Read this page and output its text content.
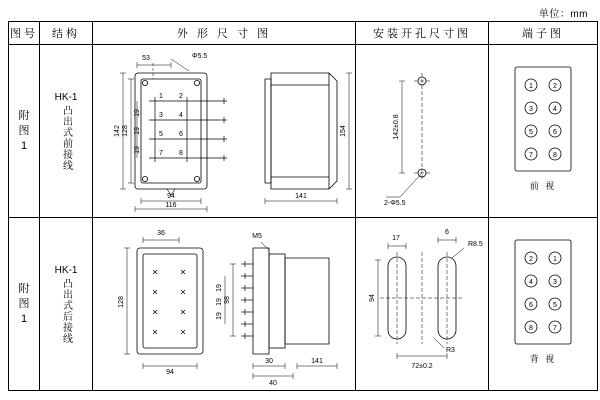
单位：mm
图号	结构	外 形 尺 寸 图	安装开孔尺寸图	端子图

附
图
1

HK-1
凸出式前接线

53	Φ5.5
142 128
19
19
19
94
116
154
141
1 2
3 4
5 6
7 8

142±0.8
2-Φ5.5

1	2
3	4
5	6
7	8
前 视

附
图
1

HK-1
凸出式后接线

36
128
94
M5
98
19
19
19
30
40
141

17
6
R8.5
94
R3
72±0.2

2	1
4	3
6	5
8	7
背 视
